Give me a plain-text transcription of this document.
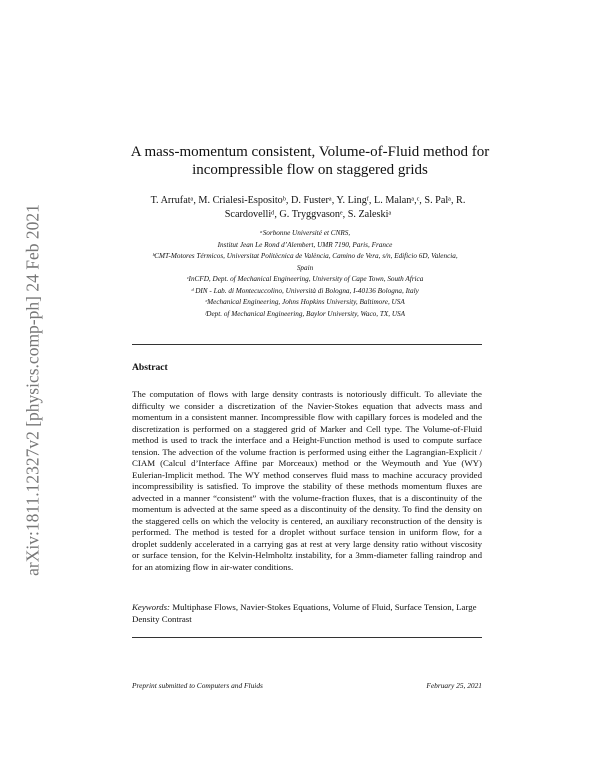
arXiv:1811.12327v2 [physics.comp-ph] 24 Feb 2021
A mass-momentum consistent, Volume-of-Fluid method for
incompressible flow on staggered grids
T. Arrufatᵃ, M. Crialesi-Espositoᵇ, D. Fusterᵃ, Y. Lingᶠ, L. Malanᵃ,ᶜ, S. Palᵃ, R.
Scardovelliᵈ, G. Tryggvasonᵉ, S. Zaleskiᵃ
ᵃSorbonne Université et CNRS,
Institut Jean Le Rond d’Alembert, UMR 7190, Paris, France
ᵇCMT-Motores Térmicos, Universitat Politècnica de València, Camino de Vera, s/n, Edificio 6D, Valencia,
Spain
ᶜInCFD, Dept. of Mechanical Engineering, University of Cape Town, South Africa
ᵈ DIN - Lab. di Montecuccolino, Università di Bologna, I-40136 Bologna, Italy
ᵉMechanical Engineering, Johns Hopkins University, Baltimore, USA
ᶠDept. of Mechanical Engineering, Baylor University, Waco, TX, USA
Abstract
The computation of flows with large density contrasts is notoriously difficult. To alleviate the difficulty we consider a discretization of the Navier-Stokes equation that advects mass and momentum in a consistent manner. Incompressible flow with capillary forces is modeled and the discretization is performed on a staggered grid of Marker and Cell type. The Volume-of-Fluid method is used to track the interface and a Height-Function method is used to compute surface tension. The advection of the volume fraction is performed using either the Lagrangian-Explicit / CIAM (Calcul d’Interface Affine par Morceaux) method or the Weymouth and Yue (WY) Eulerian-Implicit method. The WY method conserves fluid mass to machine accuracy provided incompressibility is satisfied. To improve the stability of these methods momentum fluxes are advected in a manner “consistent” with the volume-fraction fluxes, that is a discontinuity of the momentum is advected at the same speed as a discontinuity of the density. To find the density on the staggered cells on which the velocity is centered, an auxiliary reconstruction of the density is performed. The method is tested for a droplet without surface tension in uniform flow, for a droplet suddenly accelerated in a carrying gas at rest at very large density ratio without viscosity or surface tension, for the Kelvin-Helmholtz instability, for a 3mm-diameter falling raindrop and for an atomizing flow in air-water conditions.
Keywords: Multiphase Flows, Navier-Stokes Equations, Volume of Fluid, Surface Tension, Large Density Contrast
Preprint submitted to Computers and Fluids	February 25, 2021
